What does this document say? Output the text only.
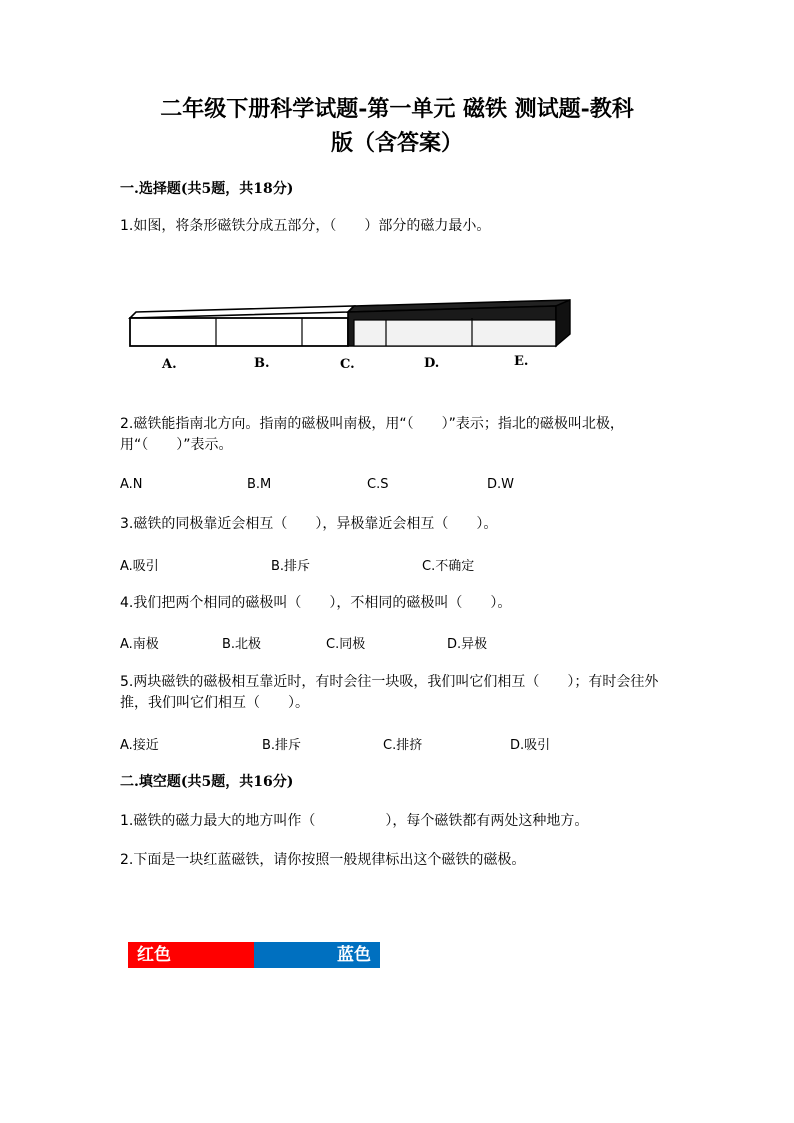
二年级下册科学试题-第一单元 磁铁 测试题-教科
版（含答案）
一.选择题(共5题，共18分)
1.如图，将条形磁铁分成五部分，（　　）部分的磁力最小。
A.	B.	C.	D.	E.
2.磁铁能指南北方向。指南的磁极叫南极，用“（　　）”表示；指北的磁极叫北极，用“（　　）”表示。
A.N	B.M	C.S	D.W
3.磁铁的同极靠近会相互（　　），异极靠近会相互（　　）。
A.吸引	B.排斥	C.不确定
4.我们把两个相同的磁极叫（　　），不相同的磁极叫（　　）。
A.南极	B.北极	C.同极	D.异极
5.两块磁铁的磁极相互靠近时，有时会往一块吸，我们叫它们相互（　　）；有时会往外推，我们叫它们相互（　　）。
A.接近	B.排斥	C.排挤	D.吸引
二.填空题(共5题，共16分)
1.磁铁的磁力最大的地方叫作（　　　　　），每个磁铁都有两处这种地方。
2.下面是一块红蓝磁铁，请你按照一般规律标出这个磁铁的磁极。
红色	蓝色
